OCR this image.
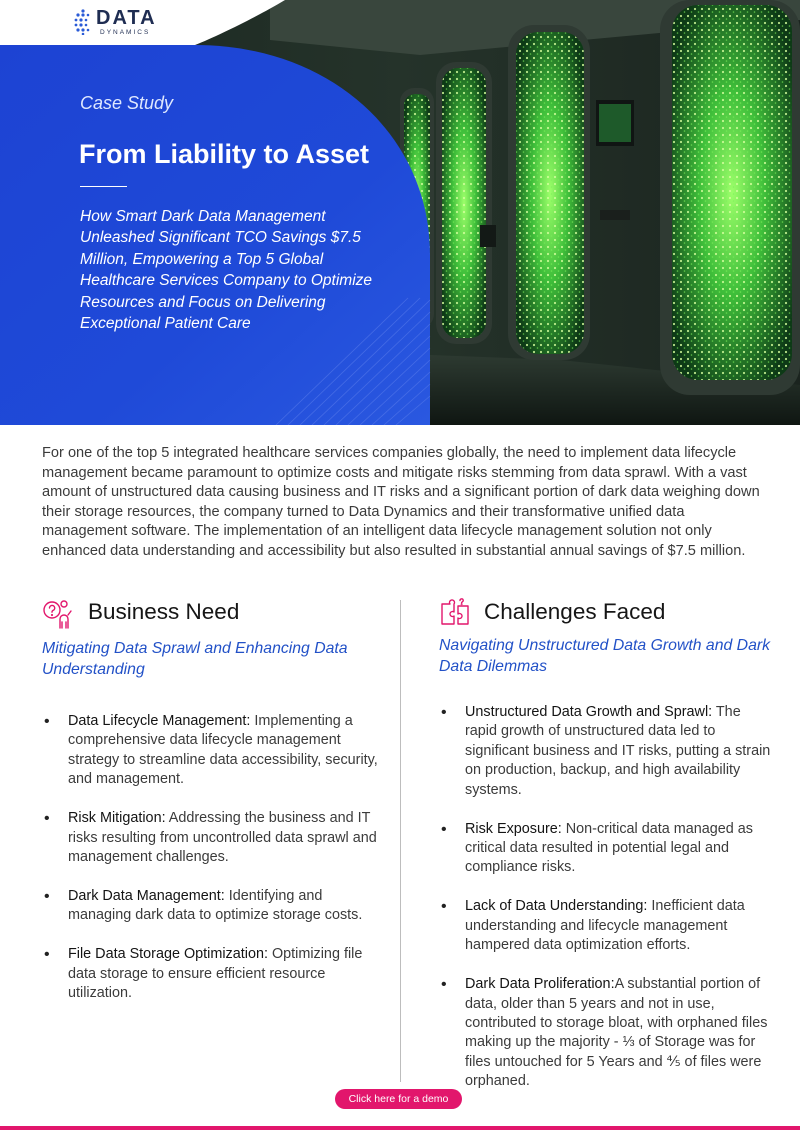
DATA
DYNAMICS
Case Study
From Liability to Asset
How Smart Dark Data Management Unleashed Significant TCO Savings $7.5 Million, Empowering a Top 5 Global Healthcare Services Company to Optimize Resources and Focus on Delivering Exceptional Patient Care

For one of the top 5 integrated healthcare services companies globally, the need to implement data lifecycle management became paramount to optimize costs and mitigate risks stemming from data sprawl. With a vast amount of unstructured data causing business and IT risks and a significant portion of dark data weighing down their storage resources, the company turned to Data Dynamics and their transformative unified data management software. The implementation of an intelligent data lifecycle management solution not only enhanced data understanding and accessibility but also resulted in substantial annual savings of $7.5 million.

Business Need

Mitigating Data Sprawl and Enhancing Data Understanding

• Data Lifecycle Management: Implementing a comprehensive data lifecycle management strategy to streamline data accessibility, security, and management.
• Risk Mitigation: Addressing the business and IT risks resulting from uncontrolled data sprawl and management challenges.
• Dark Data Management: Identifying and managing dark data to optimize storage costs.
• File Data Storage Optimization: Optimizing file data storage to ensure efficient resource utilization.
Challenges Faced

Navigating Unstructured Data Growth and Dark Data Dilemmas

• Unstructured Data Growth and Sprawl: The rapid growth of unstructured data led to significant business and IT risks, putting a strain on production, backup, and high availability systems.
• Risk Exposure: Non-critical data managed as critical data resulted in potential legal and compliance risks.
• Lack of Data Understanding: Inefficient data understanding and lifecycle management hampered data optimization efforts.
• Dark Data Proliferation:A substantial portion of data, older than 5 years and not in use, contributed to storage bloat, with orphaned files making up the majority - ⅓ of Storage was for files untouched for 5 Years and ⅘ of files were orphaned.
Click here for a demo
